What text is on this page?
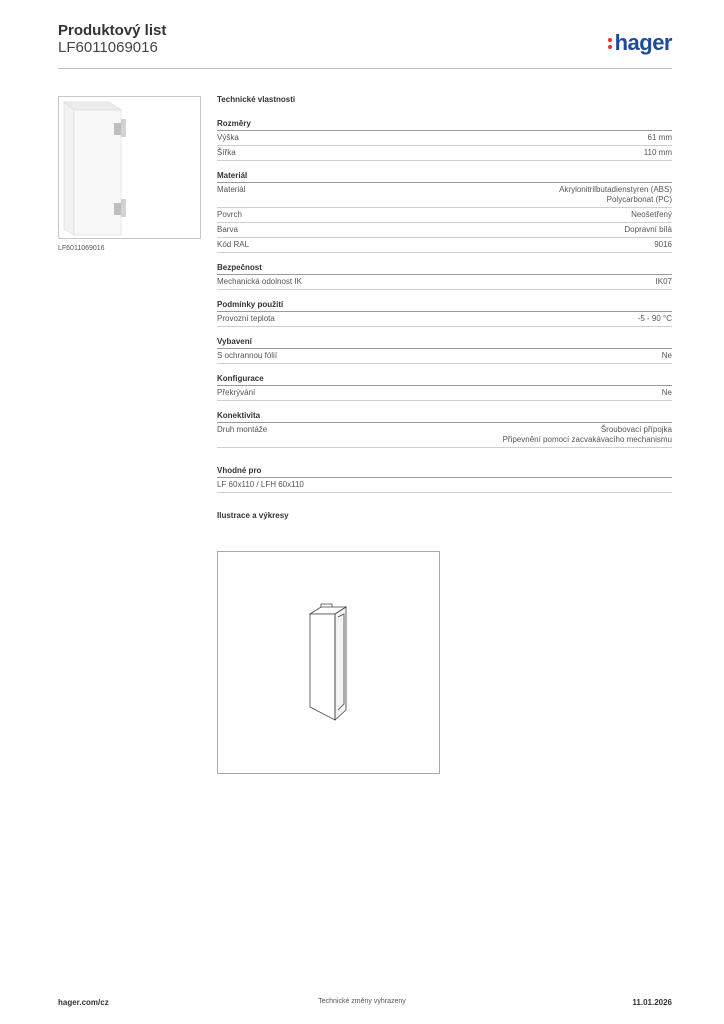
Produktový list
LF6011069016	hager
LF6011069016
Technické vlastnosti
Rozměry
Výška	61 mm
Šířka	110 mm
Materiál
Materiál	Akrylonitrilbutadienstyren (ABS)
Polycarbonat (PC)
Povrch	Neošetřený
Barva	Dopravní bílá
Kód RAL	9016
Bezpečnost
Mechanická odolnost IK	IK07
Podmínky použití
Provozní teplota	-5 - 90 °C
Vybavení
S ochrannou fólií	Ne
Konfigurace
Překrývání	Ne
Konektivita
Druh montáže	Šroubovací přípojka
Připevnění pomocí zacvakávacího mechanismu
Vhodné pro
LF 60x110 / LFH 60x110
Ilustrace a výkresy
hager.com/cz	Technické změny vyhrazeny	11.01.2026
